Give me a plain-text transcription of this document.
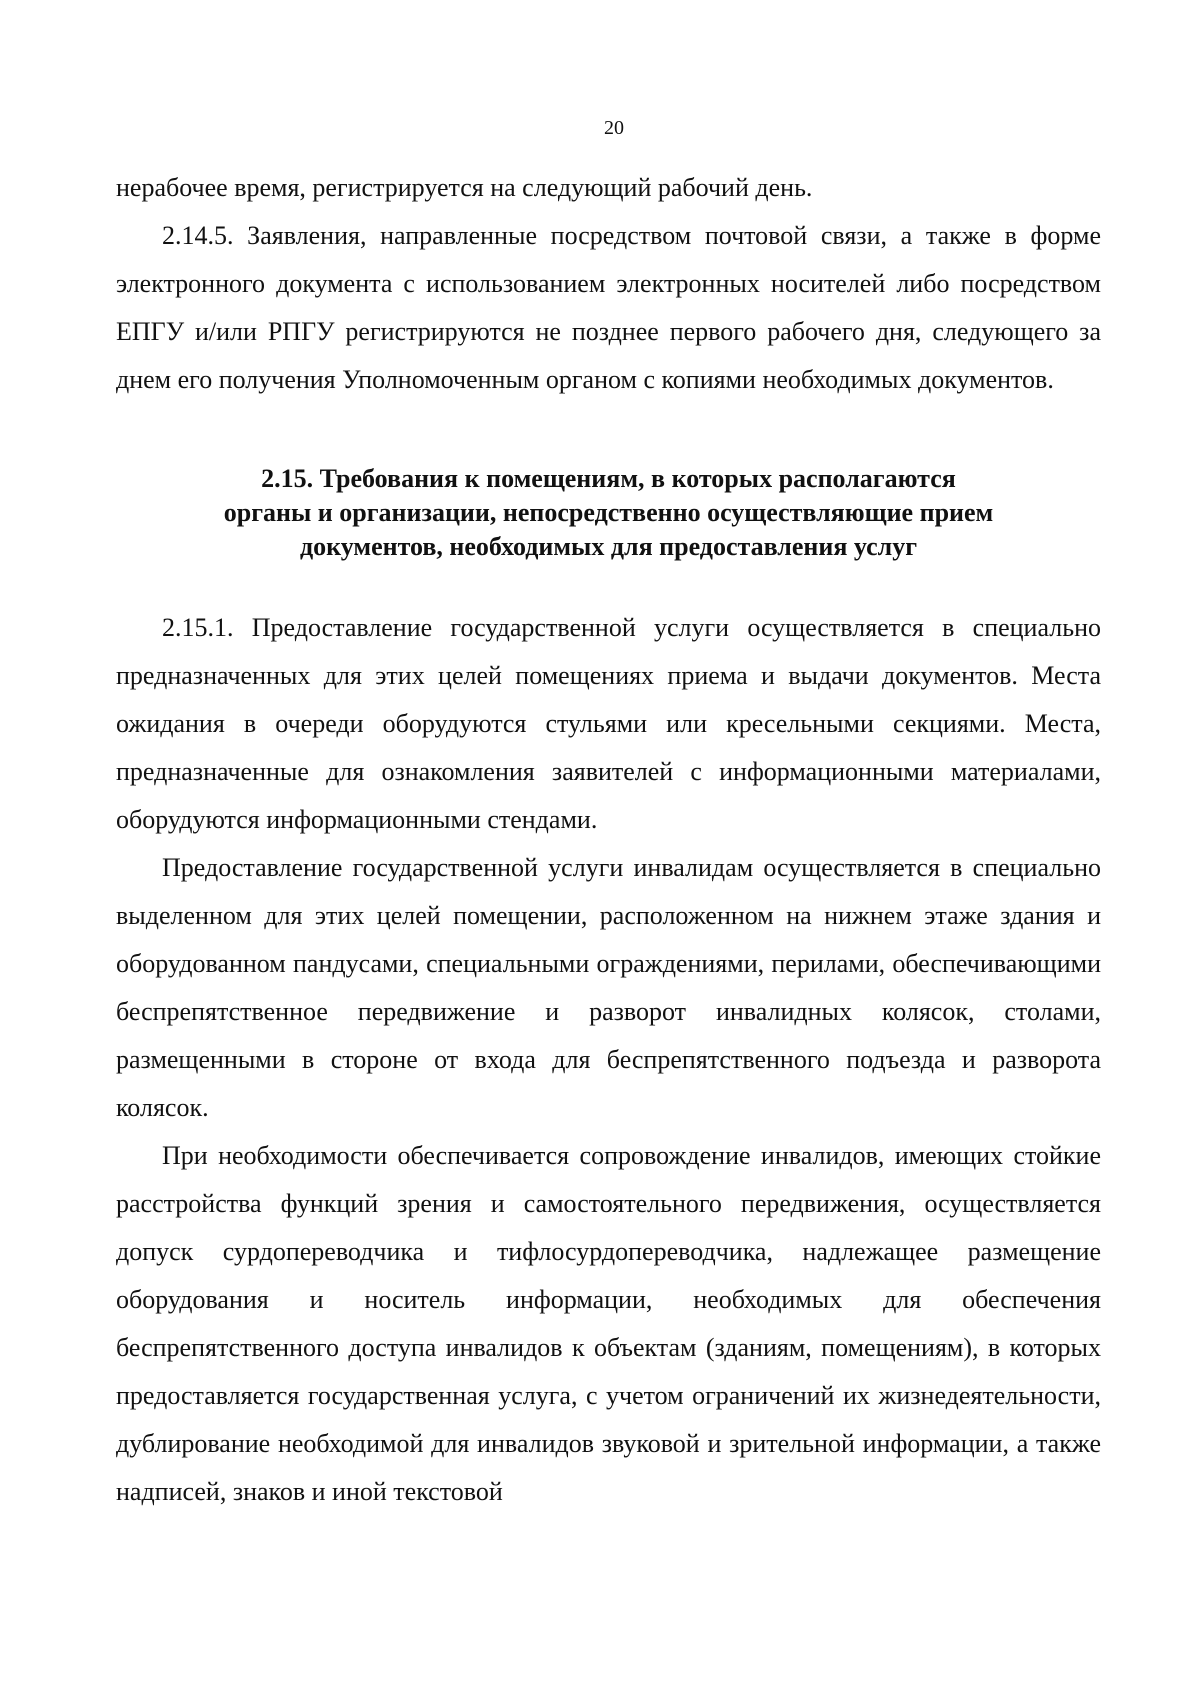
20

нерабочее время, регистрируется на следующий рабочий день.

2.14.5. Заявления, направленные посредством почтовой связи, а также в форме электронного документа с использованием электронных носителей либо посредством ЕПГУ и/или РПГУ регистрируются не позднее первого рабочего дня, следующего за днем его получения Уполномоченным органом с копиями необходимых документов.

2.15. Требования к помещениям, в которых располагаются
органы и организации, непосредственно осуществляющие прием
документов, необходимых для предоставления услуг

2.15.1. Предоставление государственной услуги осуществляется в специально предназначенных для этих целей помещениях приема и выдачи документов. Места ожидания в очереди оборудуются стульями или кресельными секциями. Места, предназначенные для ознакомления заявителей с информационными материалами, оборудуются информационными стендами.

Предоставление государственной услуги инвалидам осуществляется в специально выделенном для этих целей помещении, расположенном на нижнем этаже здания и оборудованном пандусами, специальными ограждениями, перилами, обеспечивающими беспрепятственное передвижение и разворот инвалидных колясок, столами, размещенными в стороне от входа для беспрепятственного подъезда и разворота колясок.

При необходимости обеспечивается сопровождение инвалидов, имеющих стойкие расстройства функций зрения и самостоятельного передвижения, осуществляется допуск сурдопереводчика и тифлосурдопереводчика, надлежащее размещение оборудования и носитель информации, необходимых для обеспечения беспрепятственного доступа инвалидов к объектам (зданиям, помещениям), в которых предоставляется государственная услуга, с учетом ограничений их жизнедеятельности, дублирование необходимой для инвалидов звуковой и зрительной информации, а также надписей, знаков и иной текстовой
